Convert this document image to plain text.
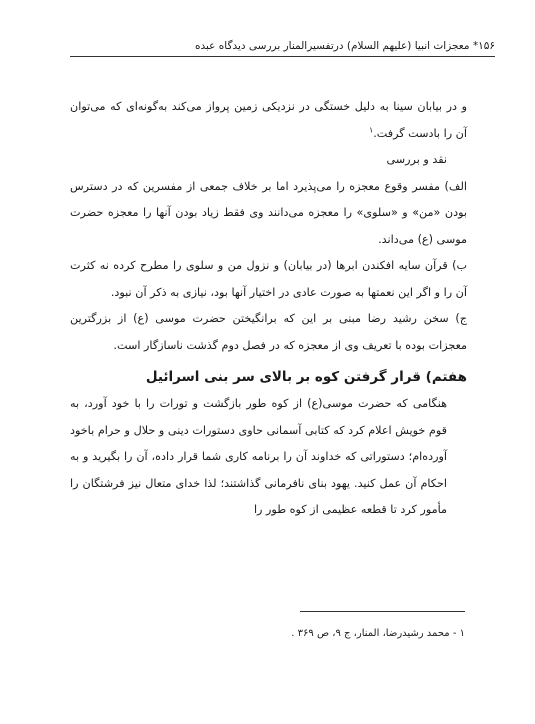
۱۵۶* معجزات انبیا (علیهم السلام) درتفسیرالمنار بررسی دیدگاه عبده

و در بیابان سینا به دلیل خستگی در نزدیکی زمین پرواز می‌کند به‌گونه‌ای که می‌توان آن را بادست گرفت.$^۱$

نقد و بررسی

الف) مفسر وقوع معجزه را می‌پذیرد اما بر خلاف جمعی از مفسرین که در دسترس بودن «من» و «سلوی» را معجزه می‌دانند وی فقط زیاد بودن آنها را معجزه حضرت موسی (ع) می‌داند.

ب) قرآن سایه افکندن ابرها (در بیابان) و نزول من و سلوی را مطرح کرده نه کثرت آن را و اگر این نعمتها به صورت عادی در اختیار آنها بود، نیازی به ذکر آن نبود.

ج) سخن رشید رضا مبنی بر این که برانگیختن حضرت موسی (ع) از بزرگترین معجزات بوده با تعریف وی از معجزه که در فصل دوم گذشت ناسازگار است.

هفتم) قرار گرفتن کوه بر بالای سر بنی اسرائیل

هنگامی که حضرت موسی(ع) از کوه طور بازگشت و تورات را با خود آورد، به قوم خویش اعلام کرد که کتابی آسمانی حاوی دستورات دینی و حلال و حرام باخود آورده‌ام؛ دستوراتی که خداوند آن را برنامه کاری شما قرار داده، آن را بگیرید و به احکام آن عمل کنید. یهود بنای نافرمانی گذاشتند؛ لذا خدای متعال نیز فرشتگان را مأمور کرد تا قطعه عظیمی از کوه طور را

۱ - محمد رشیدرضا، المنار، ج ۹، ص ۳۶۹ .
